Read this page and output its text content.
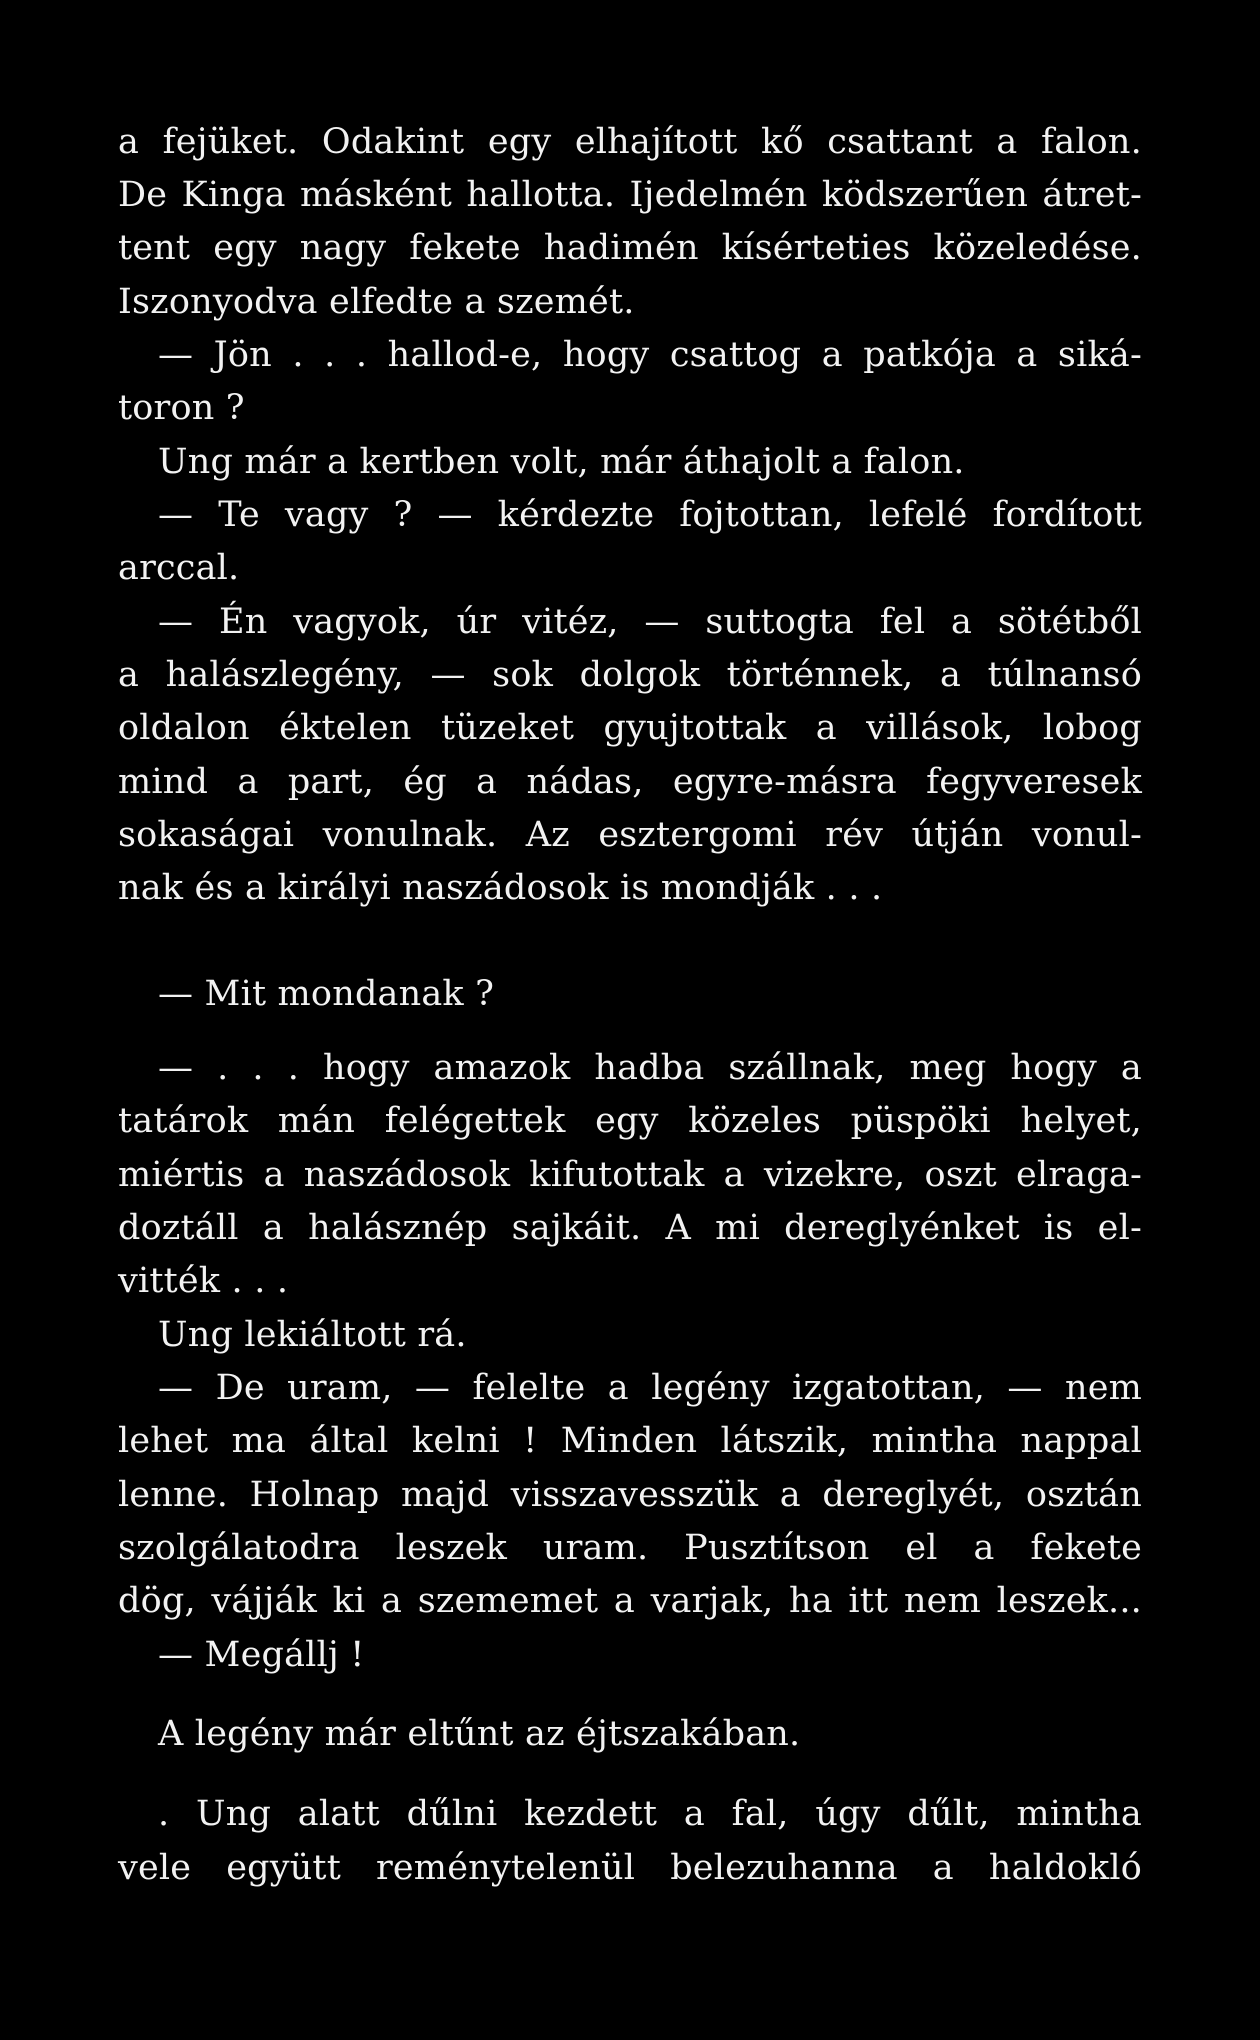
a fejüket. Odakint egy elhajított kő csattant a falon.
De Kinga másként hallotta. Ijedelmén ködszerűen átret-
tent egy nagy fekete hadimén kísérteties közeledése.
Iszonyodva elfedte a szemét.
— Jön . . . hallod-e, hogy csattog a patkója a siká-
toron ?
Ung már a kertben volt, már áthajolt a falon.
— Te vagy ? — kérdezte fojtottan, lefelé fordított
arccal.
— Én vagyok, úr vitéz, — suttogta fel a sötétből
a halászlegény, — sok dolgok történnek, a túlnansó
oldalon éktelen tüzeket gyujtottak a villások, lobog
mind a part, ég a nádas, egyre-másra fegyveresek
sokaságai vonulnak. Az esztergomi rév útján vonul-
nak és a királyi naszádosok is mondják . . .
— Mit mondanak ?
— . . . hogy amazok hadba szállnak, meg hogy a
tatárok mán felégettek egy közeles püspöki helyet,
miértis a naszádosok kifutottak a vizekre, oszt elraga-
doztáll a halásznép sajkáit. A mi dereglyénket is el-
vitték . . .
Ung lekiáltott rá.
— De uram, — felelte a legény izgatottan, — nem
lehet ma által kelni ! Minden látszik, mintha nappal
lenne. Holnap majd visszavesszük a dereglyét, osztán
szolgálatodra leszek uram. Pusztítson el a fekete
dög, vájják ki a szememet a varjak, ha itt nem leszek...
— Megállj !
A legény már eltűnt az éjtszakában.
. Ung alatt dűlni kezdett a fal, úgy dűlt, mintha
vele együtt reménytelenül belezuhanna a haldokló
